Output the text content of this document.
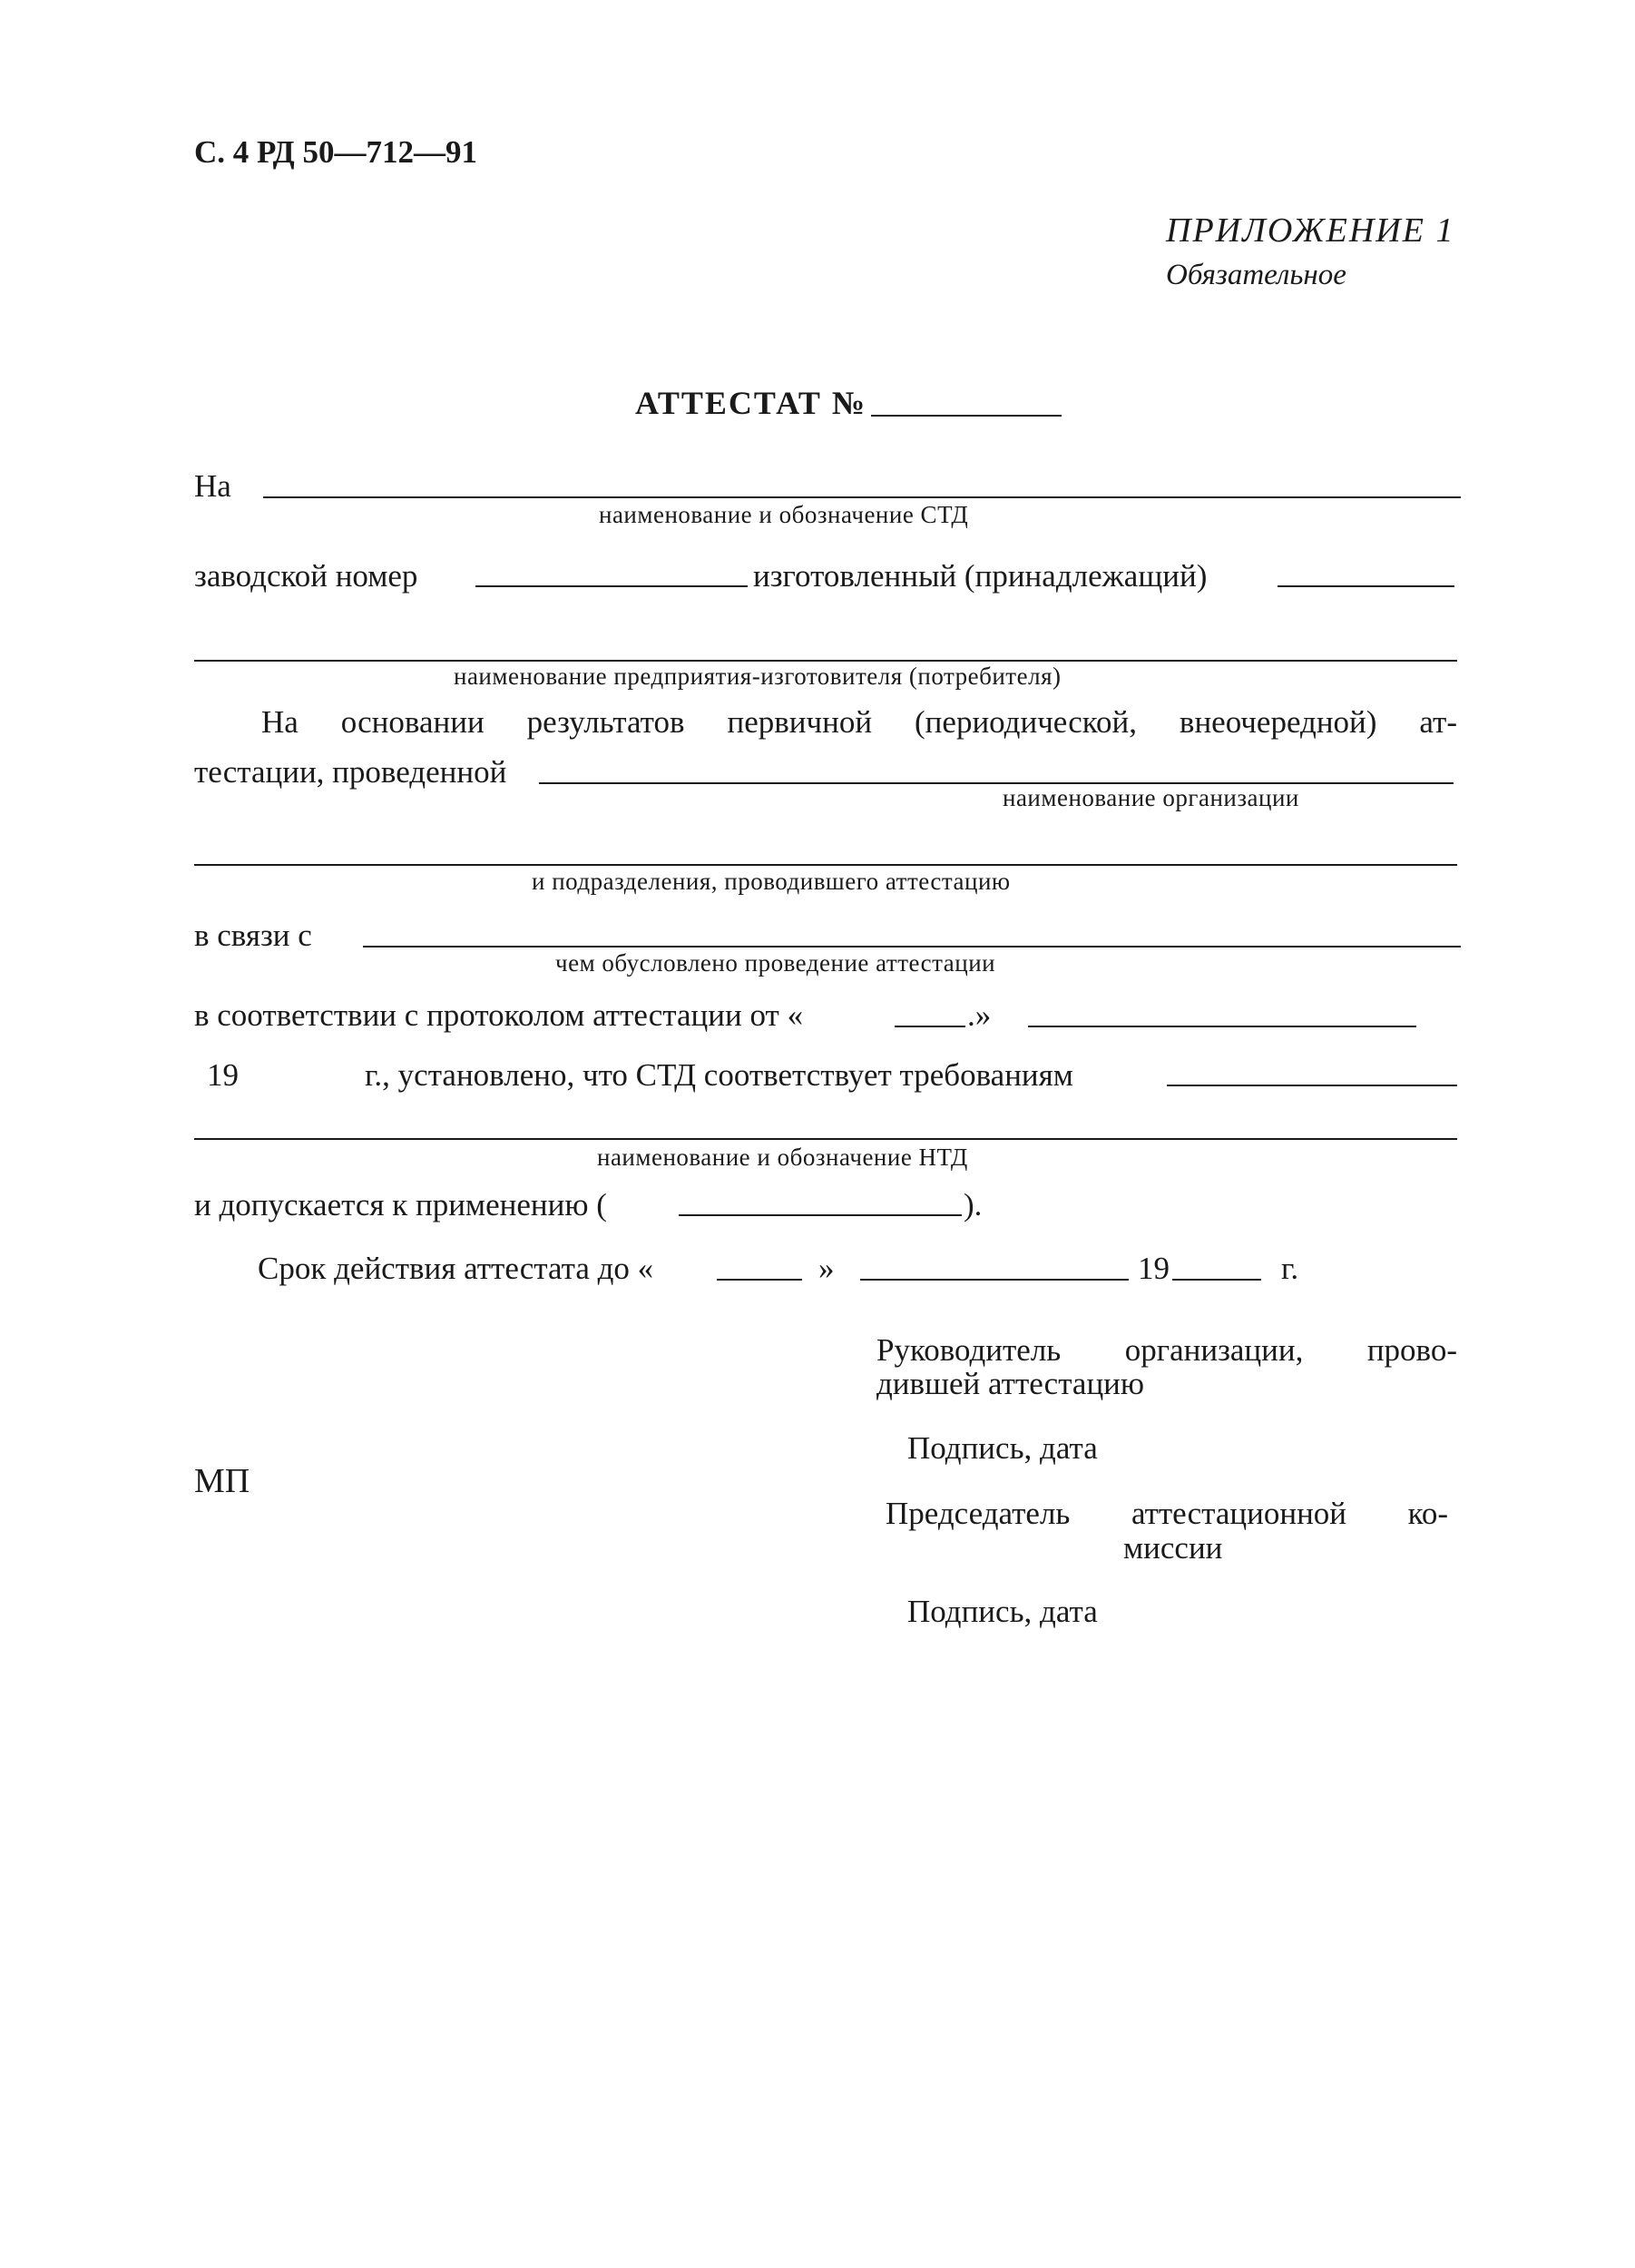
С. 4 РД 50—712—91
ПРИЛОЖЕНИЕ 1
Обязательное
АТТЕСТАТ №
На
наименование и обозначение СТД
заводской номер	изготовленный (принадлежащий)
наименование предприятия-изготовителя (потребителя)
На основании результатов первичной (периодической, внеочередной) ат-
тестации, проведенной
наименование организации
и подразделения, проводившего аттестацию
в связи с
чем обусловлено проведение аттестации
в соответствии с протоколом аттестации от «	.»
19	г., установлено, что СТД соответствует требованиям
наименование и обозначение НТД
и допускается к применению (	).
Срок действия аттестата до «	»	19	г.
Руководитель организации, прово-
дившей аттестацию
Подпись, дата
МП
Председатель аттестационной ко-
миссии
Подпись, дата
